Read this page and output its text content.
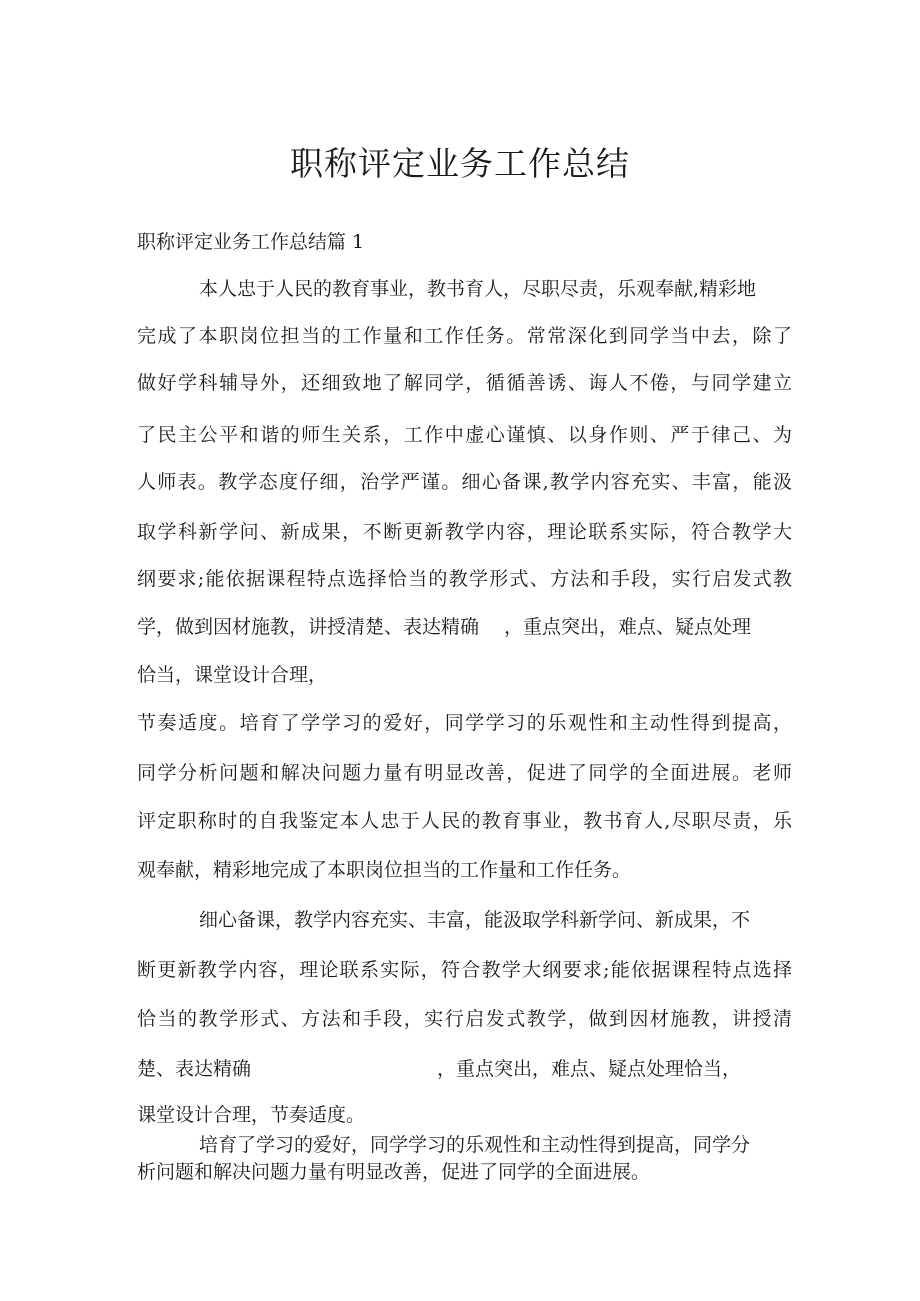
职称评定业务工作总结
职称评定业务工作总结篇 1
本人忠于人民的教育事业，教书育人，尽职尽责，乐观奉献,精彩地
完成了本职岗位担当的工作量和工作任务。常常深化到同学当中去，除了
做好学科辅导外，还细致地了解同学，循循善诱、诲人不倦，与同学建立
了民主公平和谐的师生关系，工作中虚心谨慎、以身作则、严于律己、为
人师表。教学态度仔细，治学严谨。细心备课,教学内容充实、丰富，能汲
取学科新学问、新成果，不断更新教学内容，理论联系实际，符合教学大
纲要求;能依据课程特点选择恰当的教学形式、方法和手段，实行启发式教
学，做到因材施教，讲授清楚、表达精确　 ，重点突出，难点、疑点处理
恰当，课堂设计合理，
节奏适度。培育了学学习的爱好，同学学习的乐观性和主动性得到提高，
同学分析问题和解决问题力量有明显改善，促进了同学的全面进展。老师
评定职称时的自我鉴定本人忠于人民的教育事业，教书育人,尽职尽责，乐
观奉献，精彩地完成了本职岗位担当的工作量和工作任务。
细心备课，教学内容充实、丰富，能汲取学科新学问、新成果，不
断更新教学内容，理论联系实际，符合教学大纲要求;能依据课程特点选择
恰当的教学形式、方法和手段，实行启发式教学，做到因材施教，讲授清
楚、表达精确	，重点突出，难点、疑点处理恰当，
课堂设计合理，节奏适度。
培育了学习的爱好，同学学习的乐观性和主动性得到提高，同学分
析问题和解决问题力量有明显改善，促进了同学的全面进展。
